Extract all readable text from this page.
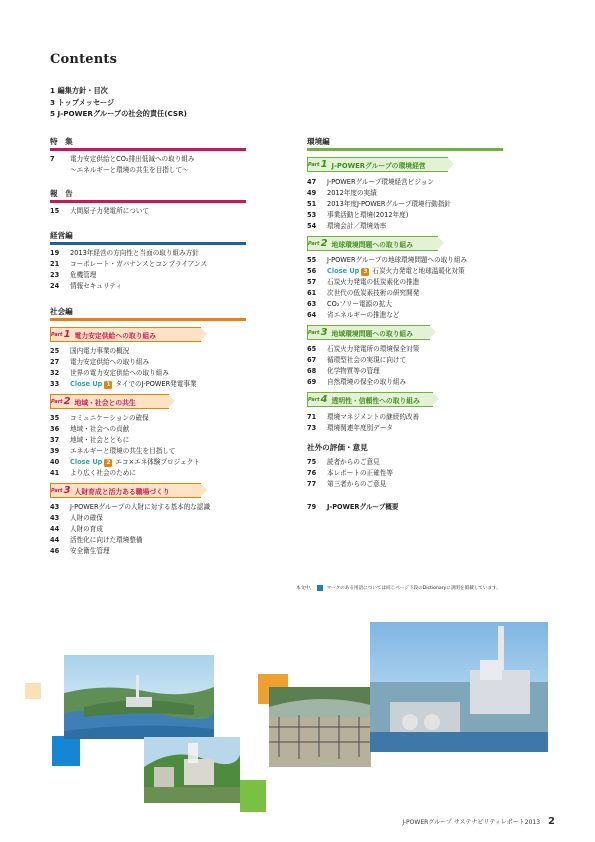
Contents
1 編集方針・目次
3 トップメッセージ
5 J-POWERグループの社会的責任(CSR)
特　集
7	電力安定供給とCO₂排出低減への取り組み
～エネルギーと環境の共生を目指して～
報　告
15	大間原子力発電所について
経営編
19	2013年経営の方向性と当面の取り組み方針
21	コーポレート・ガバナンスとコンプライアンス
23	危機管理
24	情報セキュリティ
社会編
Part 1 電力安定供給への取り組み
25	国内電力事業の概況
27	電力安定供給への取り組み
32	世界の電力安定供給への取り組み
33	Close Up 1 タイでのJ-POWER発電事業
Part 2 地域・社会との共生
35	コミュニケーションの確保
36	地域・社会への貢献
37	地域・社会とともに
39	エネルギーと環境の共生を目指して
40	Close Up 2 エコ×エネ体験プロジェクト
41	より広く社会のために
Part 3 人財育成と活力ある職場づくり
43	J-POWERグループの人財に対する基本的な認識
43	人財の確保
44	人財の育成
44	活性化に向けた環境整備
46	安全衛生管理
環境編
Part 1 J-POWERグループの環境経営
47	J-POWERグループ環境経営ビジョン
49	2012年度の実績
51	2013年度J-POWERグループ環境行動指針
53	事業活動と環境(2012年度)
54	環境会計／環境効率
Part 2 地球環境問題への取り組み
55	J-POWERグループの地球環境問題への取り組み
56	Close Up 3 石炭火力発電と地球温暖化対策
57	石炭火力発電の低炭素化の推進
61	次世代の低炭素技術の研究開発
63	CO₂フリー電源の拡大
64	省エネルギーの推進など
Part 3 地域環境問題への取り組み
65	石炭火力発電所の環境保全対策
67	循環型社会の実現に向けて
68	化学物質等の管理
69	自然環境の保全の取り組み
Part 4 透明性・信頼性への取り組み
71	環境マネジメントの継続的改善
73	環境関連年度別データ
社外の評価・意見
75	読者からのご意見
76	本レポートの正確性等
77	第三者からのご意見
79	J-POWERグループ概要
本文中、	マークのある用語については同じページ下段のDictionaryに説明を掲載しています。
J-POWERグループ サステナビリティレポート2013 2
